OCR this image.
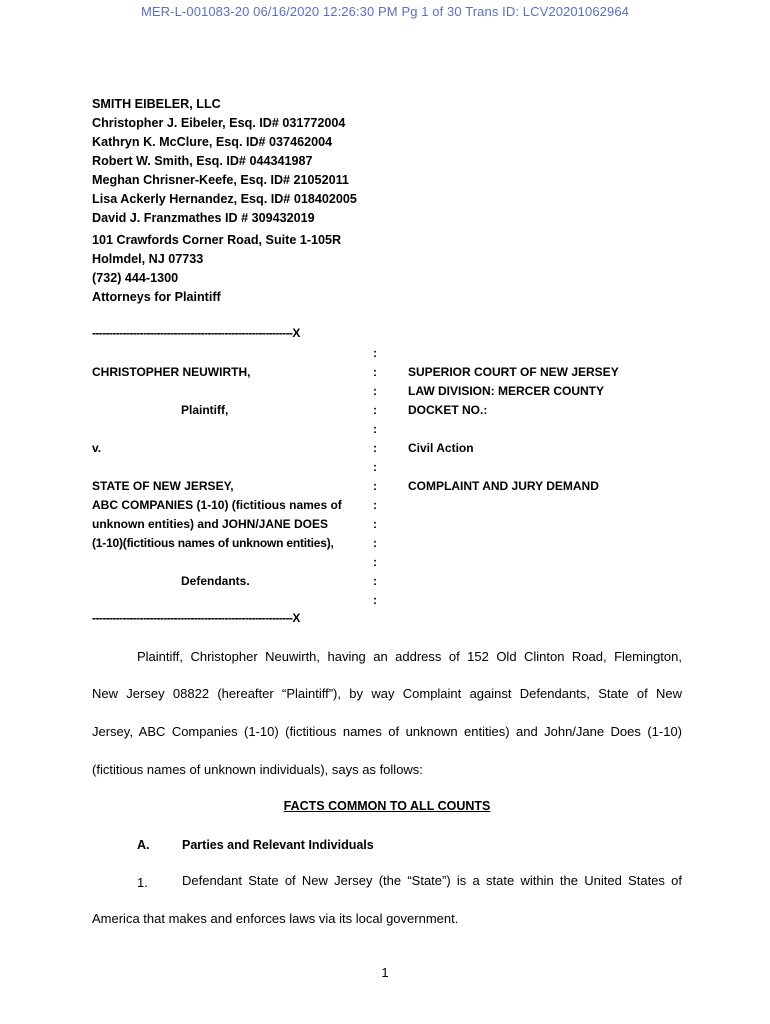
MER-L-001083-20 06/16/2020 12:26:30 PM Pg 1 of 30 Trans ID: LCV20201062964
SMITH EIBELER, LLC
Christopher J. Eibeler, Esq. ID# 031772004
Kathryn K. McClure, Esq. ID# 037462004
Robert W. Smith, Esq. ID# 044341987
Meghan Chrisner-Keefe, Esq. ID# 21052011
Lisa Ackerly Hernandez, Esq. ID# 018402005
David J. Franzmathes ID # 309432019
101 Crawfords Corner Road, Suite 1-105R
Holmdel, NJ 07733
(732) 444-1300
Attorneys for Plaintiff
-----------------------------------------------------------X
:
:
:
:
:
:
:
:
:
:
:
:
:
:
CHRISTOPHER NEUWIRTH,
Plaintiff,
v.
STATE OF NEW JERSEY,
ABC COMPANIES (1-10) (fictitious names of
unknown entities) and JOHN/JANE DOES
(1-10)(fictitious names of unknown entities),
Defendants.
SUPERIOR COURT OF NEW JERSEY
LAW DIVISION: MERCER COUNTY
DOCKET NO.:
Civil Action
COMPLAINT AND JURY DEMAND
-----------------------------------------------------------X
Plaintiff, Christopher Neuwirth, having an address of 152 Old Clinton Road, Flemington,
New Jersey 08822 (hereafter “Plaintiff”), by way Complaint against Defendants, State of New
Jersey, ABC Companies (1-10) (fictitious names of unknown entities) and John/Jane Does (1-10)
(fictitious names of unknown individuals), says as follows:
FACTS COMMON TO ALL COUNTS
A.	Parties and Relevant Individuals
1.	Defendant State of New Jersey (the “State”) is a state within the United States of
America that makes and enforces laws via its local government.
1
